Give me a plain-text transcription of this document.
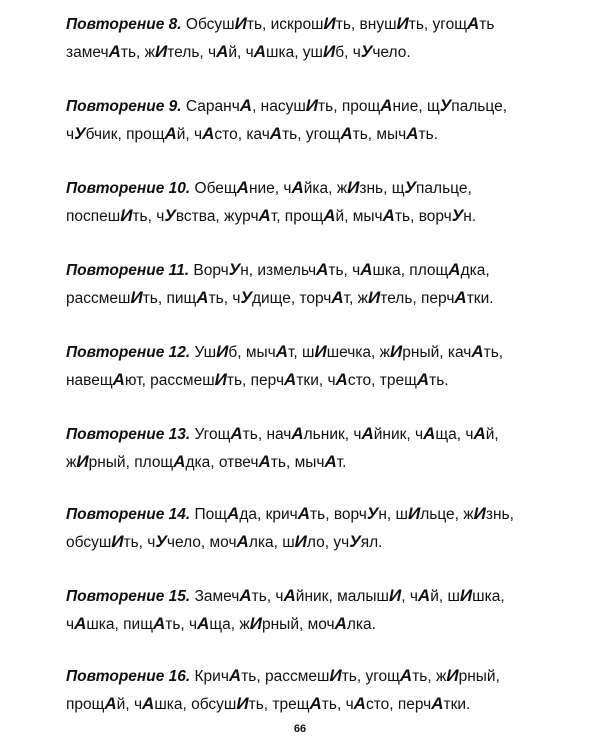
Повторение 8. ОбсушИть, искрошИть, внушИть, угощАть
замечАть, жИтель, чАй, чАшка, ушИб, чУчело.
Повторение 9. СаранчА, насушИть, прощАние, щУпальце,
чУбчик, прощАй, чАсто, качАть, угощАть, мычАть.
Повторение 10. ОбещАние, чАйка, жИзнь, щУпальце,
поспешИть, чУвства, журчАт, прощАй, мычАть, ворчУн.
Повторение 11. ВорчУн, измельчАть, чАшка, площАдка,
рассмешИть, пищАть, чУдище, торчАт, жИтель, перчАтки.
Повторение 12. УшИб, мычАт, шИшечка, жИрный, качАть,
навещАют, рассмешИть, перчАтки, чАсто, трещАть.
Повторение 13. УгощАть, начАльник, чАйник, чАща, чАй,
жИрный, площАдка, отвечАть, мычАт.
Повторение 14. ПощАда, кричАть, ворчУн, шИльце, жИзнь,
обсушИть, чУчело, мочАлка, шИло, учУял.
Повторение 15. ЗамечАть, чАйник, малышИ, чАй, шИшка,
чАшка, пищАть, чАща, жИрный, мочАлка.
Повторение 16. КричАть, рассмешИть, угощАть, жИрный,
прощАй, чАшка, обсушИть, трещАть, чАсто, перчАтки.
66
